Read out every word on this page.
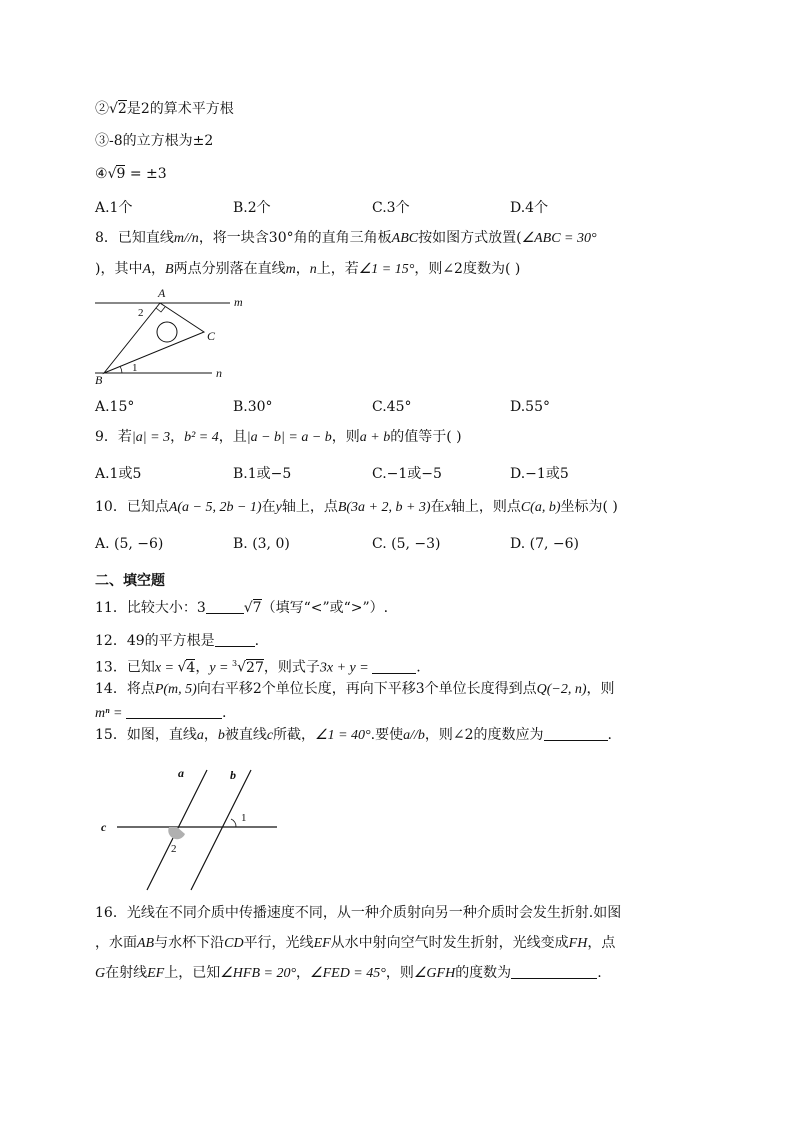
②√2是2的算术平方根
③-8的立方根为±2
④√9 = ±3
A.1个	B.2个	C.3个	D.4个
8．已知直线m//n，将一块含30°角的直角三角板ABC按如图方式放置(∠ABC = 30°
)，其中A，B两点分别落在直线m，n上，若∠1 = 15°，则∠2度数为( )
A
B
C
m
n
1
2
A.15°	B.30°	C.45°	D.55°
9．若|a| = 3，b² = 4，且|a − b| = a − b，则a + b的值等于( )
A.1或5	B.1或−5	C.−1或−5	D.−1或5
10．已知点A(a − 5, 2b − 1)在y轴上，点B(3a + 2, b + 3)在x轴上，则点C(a, b)坐标为( )
A. (5, −6)	B. (3, 0)	C. (5, −3)	D. (7, −6)
二、填空题
11．比较大小：3	√7（填写“<”或“>”）.
12．49的平方根是	.
13．已知x = √4，y = $^3$√27，则式子3x + y =	.
14．将点P(m, 5)向右平移2个单位长度，再向下平移3个单位长度得到点Q(−2, n)，则
mⁿ =	.
15．如图，直线a，b被直线c所截，∠1 = 40°.要使a//b，则∠2的度数应为	.
a	b
c
1
2
16．光线在不同介质中传播速度不同，从一种介质射向另一种介质时会发生折射.如图
，水面AB与水杯下沿CD平行，光线EF从水中射向空气时发生折射，光线变成FH，点
G在射线EF上，已知∠HFB = 20°，∠FED = 45°，则∠GFH的度数为	.
